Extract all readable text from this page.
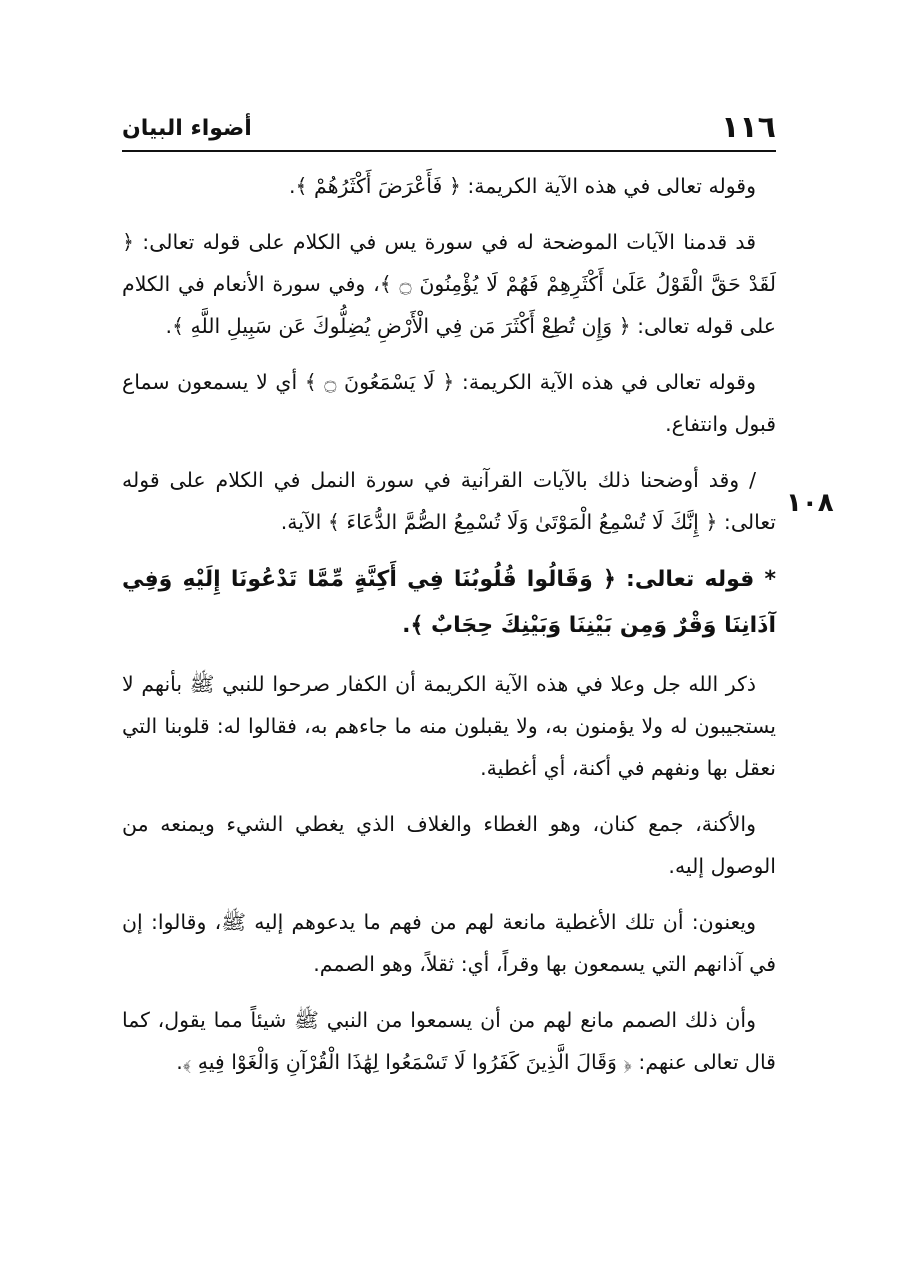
١١٦
أضواء البيان
١٠٨

وقوله تعالى في هذه الآية الكريمة: ﴿ فَأَعْرَضَ أَكْثَرُهُمْ ﴾.

قد قدمنا الآيات الموضحة له في سورة يس في الكلام على قوله تعالى: ﴿ لَقَدْ حَقَّ الْقَوْلُ عَلَىٰ أَكْثَرِهِمْ فَهُمْ لَا يُؤْمِنُونَ ۝ ﴾، وفي سورة الأنعام في الكلام على قوله تعالى: ﴿ وَإِن تُطِعْ أَكْثَرَ مَن فِي الْأَرْضِ يُضِلُّوكَ عَن سَبِيلِ اللَّهِ ﴾.

وقوله تعالى في هذه الآية الكريمة: ﴿ لَا يَسْمَعُونَ ۝ ﴾ أي لا يسمعون سماع قبول وانتفاع.

/ وقد أوضحنا ذلك بالآيات القرآنية في سورة النمل في الكلام على قوله تعالى: ﴿ إِنَّكَ لَا تُسْمِعُ الْمَوْتَىٰ وَلَا تُسْمِعُ الصُّمَّ الدُّعَاءَ ﴾ الآية.

* قوله تعالى: ﴿ وَقَالُوا قُلُوبُنَا فِي أَكِنَّةٍ مِّمَّا تَدْعُونَا إِلَيْهِ وَفِي آذَانِنَا وَقْرٌ وَمِن بَيْنِنَا وَبَيْنِكَ حِجَابٌ ﴾.

ذكر الله جل وعلا في هذه الآية الكريمة أن الكفار صرحوا للنبي ﷺ بأنهم لا يستجيبون له ولا يؤمنون به، ولا يقبلون منه ما جاءهم به، فقالوا له: قلوبنا التي نعقل بها ونفهم في أكنة، أي أغطية.

والأكنة، جمع كنان، وهو الغطاء والغلاف الذي يغطي الشيء ويمنعه من الوصول إليه.

ويعنون: أن تلك الأغطية مانعة لهم من فهم ما يدعوهم إليه ﷺ، وقالوا: إن في آذانهم التي يسمعون بها وقراً، أي: ثقلاً، وهو الصمم.

وأن ذلك الصمم مانع لهم من أن يسمعوا من النبي ﷺ شيئاً مما يقول، كما قال تعالى عنهم: ﴿ وَقَالَ الَّذِينَ كَفَرُوا لَا تَسْمَعُوا لِهَٰذَا الْقُرْآنِ وَالْغَوْا فِيهِ ﴾.
